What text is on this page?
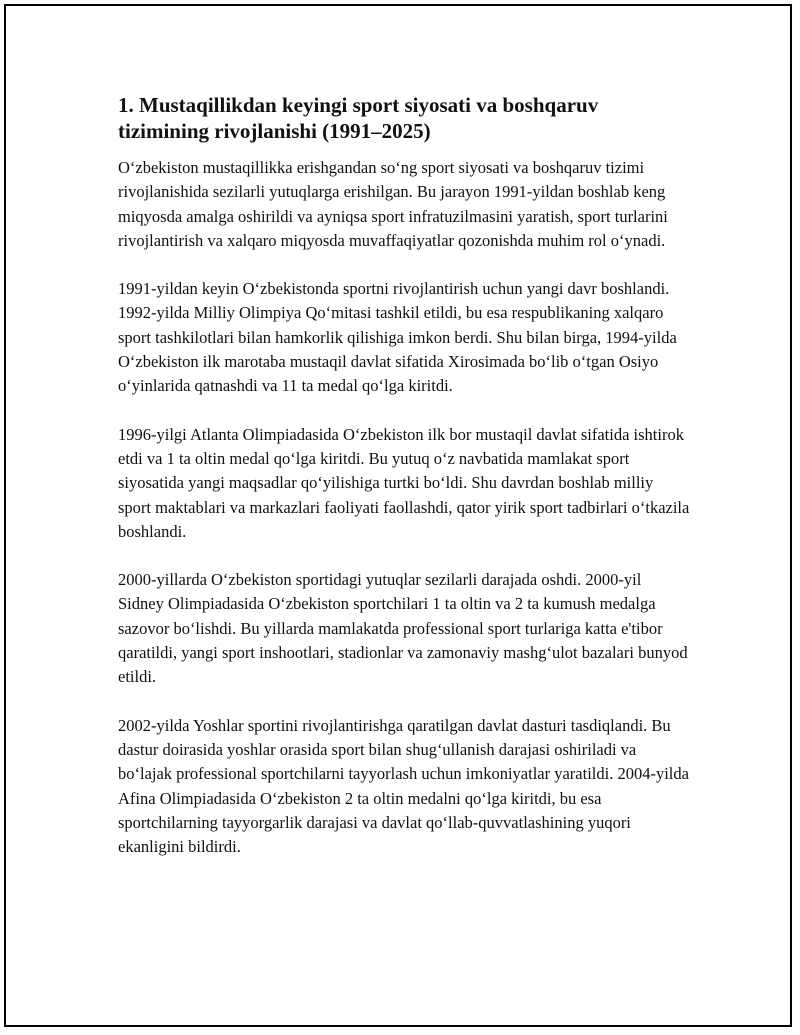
1. Mustaqillikdan keyingi sport siyosati va boshqaruv tizimining rivojlanishi (1991–2025)

O‘zbekiston mustaqillikka erishgandan so‘ng sport siyosati va boshqaruv tizimi rivojlanishida sezilarli yutuqlarga erishilgan. Bu jarayon 1991-yildan boshlab keng miqyosda amalga oshirildi va ayniqsa sport infratuzilmasini yaratish, sport turlarini rivojlantirish va xalqaro miqyosda muvaffaqiyatlar qozonishda muhim rol o‘ynadi.

1991-yildan keyin O‘zbekistonda sportni rivojlantirish uchun yangi davr boshlandi. 1992-yilda Milliy Olimpiya Qo‘mitasi tashkil etildi, bu esa respublikaning xalqaro sport tashkilotlari bilan hamkorlik qilishiga imkon berdi. Shu bilan birga, 1994-yilda O‘zbekiston ilk marotaba mustaqil davlat sifatida Xirosimada bo‘lib o‘tgan Osiyo o‘yinlarida qatnashdi va 11 ta medal qo‘lga kiritdi.

1996-yilgi Atlanta Olimpiadasida O‘zbekiston ilk bor mustaqil davlat sifatida ishtirok etdi va 1 ta oltin medal qo‘lga kiritdi. Bu yutuq o‘z navbatida mamlakat sport siyosatida yangi maqsadlar qo‘yilishiga turtki bo‘ldi. Shu davrdan boshlab milliy sport maktablari va markazlari faoliyati faollashdi, qator yirik sport tadbirlari o‘tkazila boshlandi.

2000-yillarda O‘zbekiston sportidagi yutuqlar sezilarli darajada oshdi. 2000-yil Sidney Olimpiadasida O‘zbekiston sportchilari 1 ta oltin va 2 ta kumush medalga sazovor bo‘lishdi. Bu yillarda mamlakatda professional sport turlariga katta e'tibor qaratildi, yangi sport inshootlari, stadionlar va zamonaviy mashg‘ulot bazalari bunyod etildi.

2002-yilda Yoshlar sportini rivojlantirishga qaratilgan davlat dasturi tasdiqlandi. Bu dastur doirasida yoshlar orasida sport bilan shug‘ullanish darajasi oshiriladi va bo‘lajak professional sportchilarni tayyorlash uchun imkoniyatlar yaratildi. 2004-yilda Afina Olimpiadasida O‘zbekiston 2 ta oltin medalni qo‘lga kiritdi, bu esa sportchilarning tayyorgarlik darajasi va davlat qo‘llab-quvvatlashining yuqori ekanligini bildirdi.
